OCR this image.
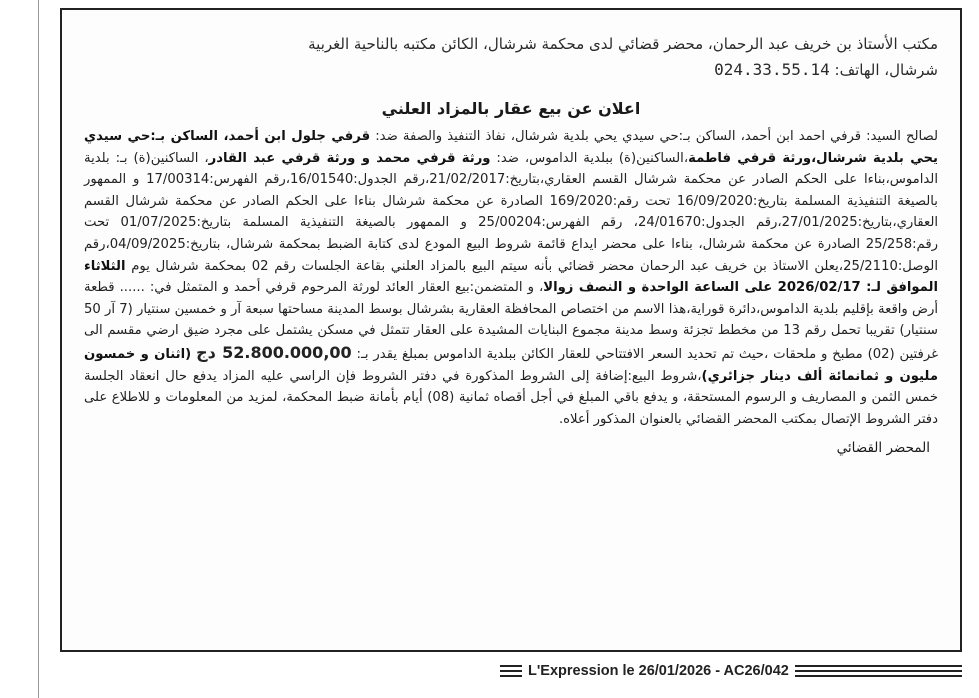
مكتب الأستاذ بن خريف عبد الرحمان، محضر قضائي لدى محكمة شرشال، الكائن مكتبه بالناحية الغربية
شرشال، الهاتف: 024.33.55.14
اعلان عن بيع عقار بالمزاد العلني
لصالح السيد: قرفي احمد ابن أحمد، الساكن بـ:حي سيدي يحي بلدية شرشال، نفاذ التنفيذ والصفة ضد: قرفي جلول ابن أحمد، الساكن بـ:حي سيدي يحي بلدية شرشال،ورثة قرفي فاطمة،الساكنين(ة) ببلدية الداموس، ضد: ورثة قرفي محمد و ورثة قرفي عبد القادر، الساكنين(ة) بـ: بلدية الداموس،بناءا على الحكم الصادر عن محكمة شرشال القسم العقاري،بتاريخ:21/02/2017،رقم الجدول:16/01540،رقم الفهرس:17/00314 و الممهور بالصيغة التنفيذية المسلمة بتاريخ:16/09/2020 تحت رقم:169/2020 الصادرة عن محكمة شرشال بناءا على الحكم الصادر عن محكمة شرشال القسم العقاري،بتاريخ:27/01/2025،رقم الجدول:24/01670، رقم الفهرس:25/00204 و الممهور بالصيغة التنفيذية المسلمة بتاريخ:01/07/2025 تحت رقم:25/258 الصادرة عن محكمة شرشال، بناءا على محضر ايداع قائمة شروط البيع المودع لدى كتابة الضبط بمحكمة شرشال، بتاريخ:04/09/2025،رقم الوصل:25/2110،يعلن الاستاذ بن خريف عبد الرحمان محضر قضائي بأنه سيتم البيع بالمزاد العلني بقاعة الجلسات رقم 02 بمحكمة شرشال يوم الثلاثاء الموافق لـ: 2026/02/17 على الساعة الواحدة و النصف زوالا، و المتضمن:بيع العقار العائد لورثة المرحوم قرفي أحمد و المتمثل في: ...... قطعة أرض واقعة بإقليم بلدية الداموس،دائرة قوراية،هذا الاسم من اختصاص المحافظة العقارية بشرشال بوسط المدينة مساحتها سبعة آر و خمسين سنتيار (7 آر 50 سنتيار) تقريبا تحمل رقم 13 من مخطط تجزئة وسط مدينة مجموع البنايات المشيدة على العقار تتمثل في مسكن يشتمل على مجرد ضيق ارضي مقسم الى غرفتين (02) مطبخ و ملحقات ،حيث تم تحديد السعر الافتتاحي للعقار الكائن ببلدية الداموس بمبلغ يقدر بـ: 52.800.000,00 دج (اثنان و خمسون مليون و ثمانمائة ألف دينار جزائري)،شروط البيع:إضافة إلى الشروط المذكورة في دفتر الشروط فإن الراسي عليه المزاد يدفع حال انعقاد الجلسة خمس الثمن و المصاريف و الرسوم المستحقة، و يدفع باقي المبلغ في أجل أقصاه ثمانية (08) أيام بأمانة ضبط المحكمة، لمزيد من المعلومات و للاطلاع على دفتر الشروط الإتصال بمكتب المحضر القضائي بالعنوان المذكور أعلاه.
المحضر القضائي
L'Expression le 26/01/2026 - AC26/042
